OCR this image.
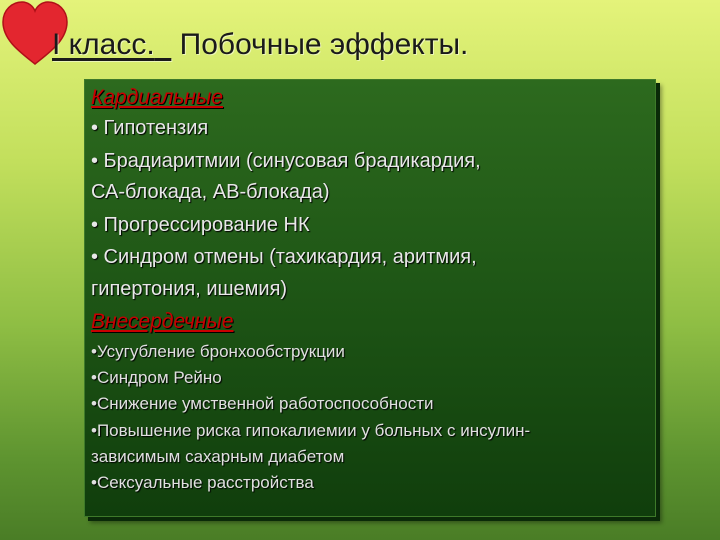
I класс. Побочные эффекты.
Кардиальные
• Гипотензия
• Брадиаритмии (синусовая брадикардия,
СА-блокада, АВ-блокада)
• Прогрессирование НК
• Синдром отмены (тахикардия, аритмия,
гипертония, ишемия)
Внесердечные
•Усугубление бронхообструкции
•Синдром Рейно
•Снижение умственной работоспособности
•Повышение риска гипокалиемии у больных с инсулин-
зависимым сахарным диабетом
•Сексуальные расстройства
